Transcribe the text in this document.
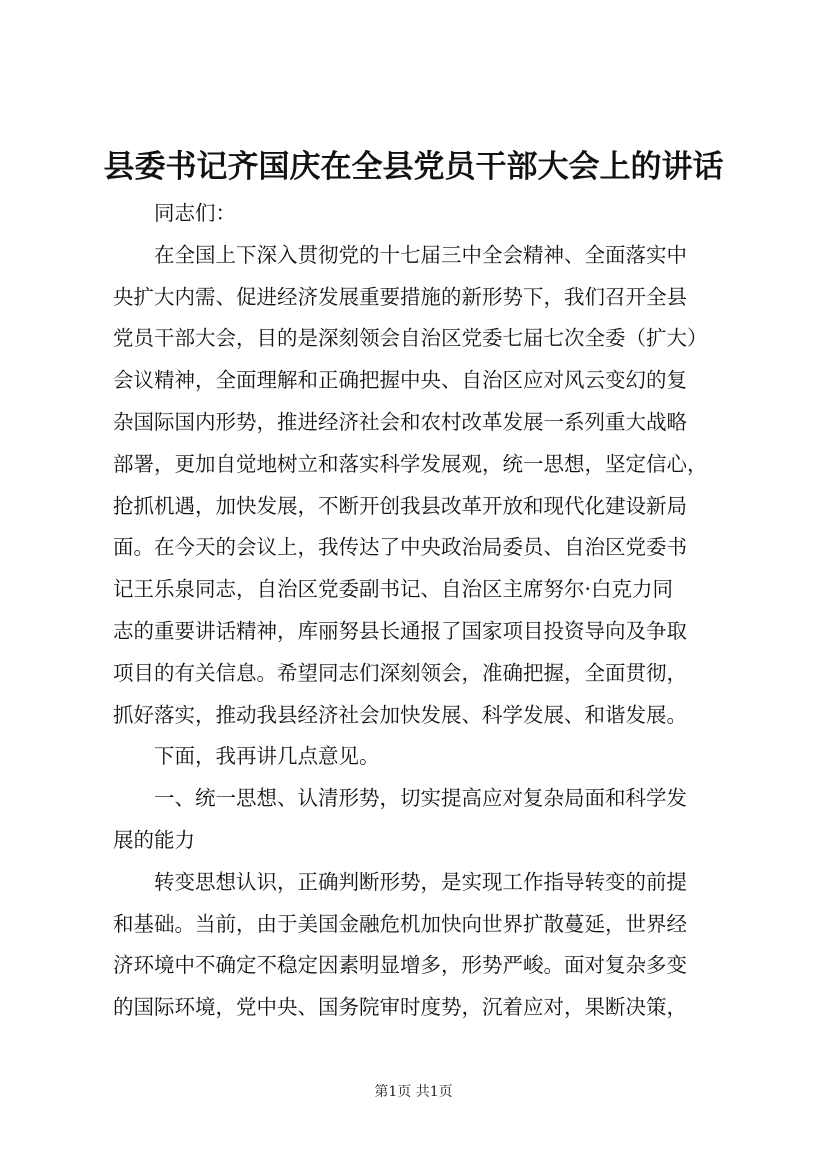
县委书记齐国庆在全县党员干部大会上的讲话
同志们：
在全国上下深入贯彻党的十七届三中全会精神、全面落实中
央扩大内需、促进经济发展重要措施的新形势下，我们召开全县
党员干部大会，目的是深刻领会自治区党委七届七次全委（扩大）
会议精神，全面理解和正确把握中央、自治区应对风云变幻的复
杂国际国内形势，推进经济社会和农村改革发展一系列重大战略
部署，更加自觉地树立和落实科学发展观，统一思想，坚定信心，
抢抓机遇，加快发展，不断开创我县改革开放和现代化建设新局
面。在今天的会议上，我传达了中央政治局委员、自治区党委书
记王乐泉同志，自治区党委副书记、自治区主席努尔·白克力同
志的重要讲话精神，库丽努县长通报了国家项目投资导向及争取
项目的有关信息。希望同志们深刻领会，准确把握，全面贯彻，
抓好落实，推动我县经济社会加快发展、科学发展、和谐发展。
下面，我再讲几点意见。
一、统一思想、认清形势，切实提高应对复杂局面和科学发
展的能力
转变思想认识，正确判断形势，是实现工作指导转变的前提
和基础。当前，由于美国金融危机加快向世界扩散蔓延，世界经
济环境中不确定不稳定因素明显增多，形势严峻。面对复杂多变
的国际环境，党中央、国务院审时度势，沉着应对，果断决策，
第1页 共1页
